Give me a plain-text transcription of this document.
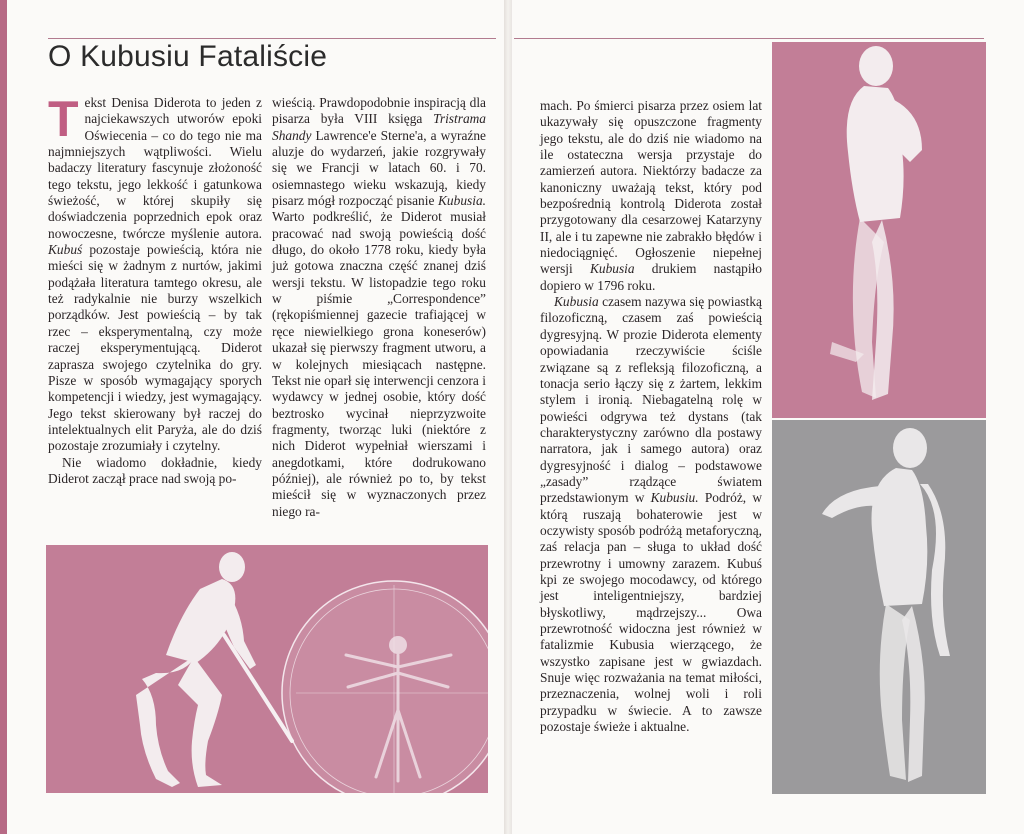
O Kubusiu Fataliście

Tekst Denisa Diderota to jeden z najciekawszych utworów epoki Oświecenia – co do tego nie ma najmniejszych wątpliwości. Wielu badaczy literatury fascynuje złożoność tego tekstu, jego lekkość i gatunkowa świeżość, w której skupiły się doświadczenia poprzednich epok oraz nowoczesne, twórcze myślenie autora. Kubuś pozostaje powieścią, która nie mieści się w żadnym z nurtów, jakimi podążała literatura tamtego okresu, ale też radykalnie nie burzy wszelkich porządków. Jest powieścią – by tak rzec – eksperymentalną, czy może raczej eksperymentującą. Diderot zaprasza swojego czytelnika do gry. Pisze w sposób wymagający sporych kompetencji i wiedzy, jest wymagający. Jego tekst skierowany był raczej do intelektualnych elit Paryża, ale do dziś pozostaje zrozumiały i czytelny.

Nie wiadomo dokładnie, kiedy Diderot zaczął prace nad swoją po-

wieścią. Prawdopodobnie inspiracją dla pisarza była VIII księga Tristrama Shandy Lawrence'e Sterne'a, a wyraźne aluzje do wydarzeń, jakie rozgrywały się we Francji w latach 60. i 70. osiemnastego wieku wskazują, kiedy pisarz mógł rozpocząć pisanie Kubusia. Warto podkreślić, że Diderot musiał pracować nad swoją powieścią dość długo, do około 1778 roku, kiedy była już gotowa znaczna część znanej dziś wersji tekstu. W listopadzie tego roku w piśmie „Correspondence” (rękopiśmiennej gazecie trafiającej w ręce niewielkiego grona koneserów) ukazał się pierwszy fragment utworu, a w kolejnych miesiącach następne. Tekst nie oparł się interwencji cenzora i wydawcy w jednej osobie, który dość beztrosko wycinał nieprzyzwoite fragmenty, tworząc luki (niektóre z nich Diderot wypełniał wierszami i anegdotkami, które dodrukowano później), ale również po to, by tekst mieścił się w wyznaczonych przez niego ra-

mach. Po śmierci pisarza przez osiem lat ukazywały się opuszczone fragmenty jego tekstu, ale do dziś nie wiadomo na ile ostateczna wersja przystaje do zamierzeń autora. Niektórzy badacze za kanoniczny uważają tekst, który pod bezpośrednią kontrolą Diderota został przygotowany dla cesarzowej Katarzyny II, ale i tu zapewne nie zabrakło błędów i niedociągnięć. Ogłoszenie niepełnej wersji Kubusia drukiem nastąpiło dopiero w 1796 roku.

Kubusia czasem nazywa się powiastką filozoficzną, czasem zaś powieścią dygresyjną. W prozie Diderota elementy opowiadania rzeczywiście ściśle związane są z refleksją filozoficzną, a tonacja serio łączy się z żartem, lekkim stylem i ironią. Niebagatelną rolę w powieści odgrywa też dystans (tak charakterystyczny zarówno dla postawy narratora, jak i samego autora) oraz dygresyjność i dialog – podstawowe „zasady” rządzące światem przedstawionym w Kubusiu. Podróż, w którą ruszają bohaterowie jest w oczywisty sposób podróżą metaforyczną, zaś relacja pan – sługa to układ dość przewrotny i umowny zarazem. Kubuś kpi ze swojego mocodawcy, od którego jest inteligentniejszy, bardziej błyskotliwy, mądrzejszy... Owa przewrotność widoczna jest również w fatalizmie Kubusia wierzącego, że wszystko zapisane jest w gwiazdach. Snuje więc rozważania na temat miłości, przeznaczenia, wolnej woli i roli przypadku w świecie. A to zawsze pozostaje świeże i aktualne.
